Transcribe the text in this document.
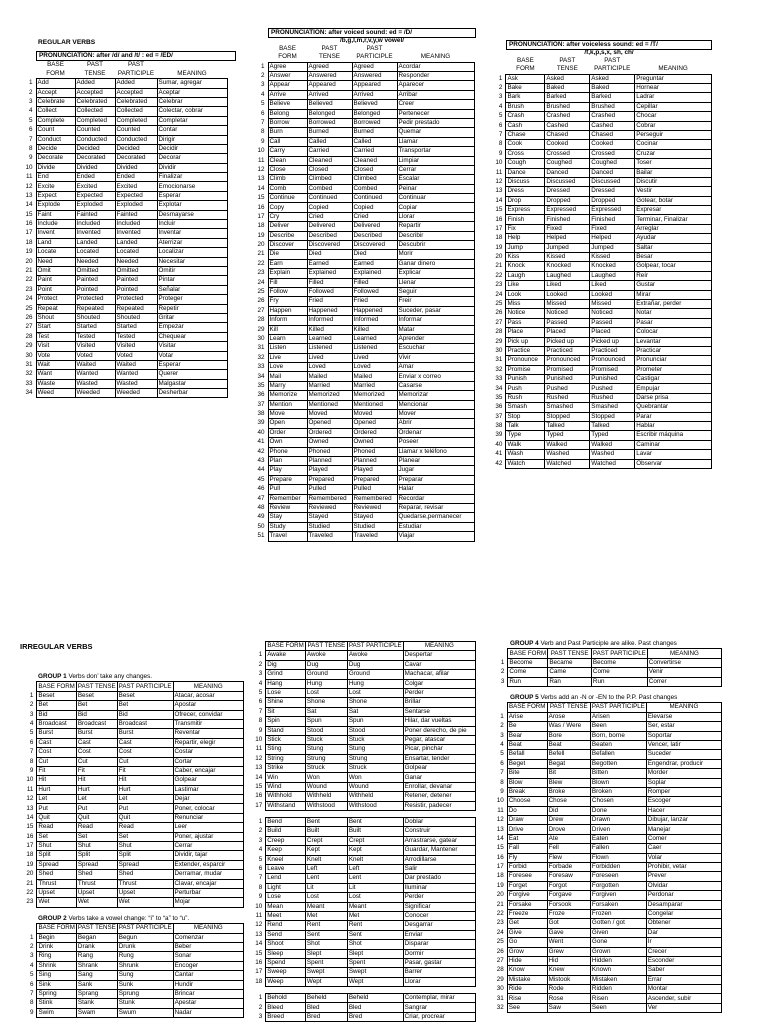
REGULAR VERBS
PRONUNCIATION: after /d/ and /t/ : ed = /ED/
	BASE	PAST	PAST	
	FORM	TENSE	PARTICIPLE	MEANING
1	Add	Added	Added	Sumar, agregar
2	Accept	Accepted	Accepted	Aceptar
3	Celebrate	Celebrated	Celebrated	Celebrar
4	Collect	Collected	Collected	Colectar, cobrar
5	Complete	Completed	Completed	Completar
6	Count	Counted	Counted	Contar
7	Conduct	Conducted	Conducted	Dirigir
8	Decide	Decided	Decided	Decidir
9	Decorate	Decorated	Decorated	Decorar
10	Divide	Divided	Divided	Dividir
11	End	Ended	Ended	Finalizar
12	Excite	Excited	Excited	Emocionarse
13	Expect	Expected	Expected	Esperar
14	Explode	Exploded	Exploded	Explotar
15	Faint	Fainted	Fainted	Desmayarse
16	Include	Included	Included	Incluir
17	Invent	Invented	Invented	Inventar
18	Land	Landed	Landed	Aterrizar
19	Locate	Located	Located	Localizar
20	Need	Needed	Needed	Necesitar
21	Omit	Omitted	Omitted	Omitir
22	Paint	Painted	Painted	Pintar
23	Point	Pointed	Pointed	Señalar
24	Protect	Protected	Protected	Proteger
25	Repeat	Repeated	Repeated	Repetir
26	Shout	Shouted	Shouted	Gritar
27	Start	Started	Started	Empezar
28	Test	Tested	Tested	Chequear
29	Visit	Visited	Visited	Visitar
30	Vote	Voted	Voted	Votar
31	Wait	Waited	Waited	Esperar
32	Want	Wanted	Wanted	Querer
33	Waste	Wasted	Wasted	Malgastar
34	Weed	Weeded	Weeded	Desherbar
PRONUNCIATION: after voiced sound: ed = /D/
/b,g,l,m,r,v,y,w vowel/
	BASE	PAST	PAST	
	FORM	TENSE	PARTICIPLE	MEANING
1	Agree	Agreed	Agreed	Acordar
2	Answer	Answered	Answered	Responder
3	Appear	Appeared	Appeared	Aparecer
4	Arrive	Arrived	Arrived	Arribar
5	Believe	Believed	Believed	Creer
6	Belong	Belonged	Belonged	Pertenecer
7	Borrow	Borrowed	Borrowed	Pedir prestado
8	Burn	Burned	Burned	Quemar
9	Call	Called	Called	Llamar
10	Carry	Carried	Carried	Transportar
11	Clean	Cleaned	Cleaned	Limpiar
12	Close	Closed	Closed	Cerrar
13	Climb	Climbed	Climbed	Escalar
14	Comb	Combed	Combed	Peinar
15	Continue	Continued	Continued	Continuar
16	Copy	Copied	Copied	Copiar
17	Cry	Cried	Cried	Llorar
18	Deliver	Delivered	Delivered	Repartir
19	Describe	Described	Described	Describir
20	Discover	Discovered	Discovered	Descubrir
21	Die	Died	Died	Morir
22	Earn	Earned	Earned	Ganar dinero
23	Explain	Explained	Explained	Explicar
24	Fill	Filled	Filled	Llenar
25	Follow	Followed	Followed	Seguir
26	Fry	Fried	Fried	Freir
27	Happen	Happened	Happened	Suceder, pasar
28	Inform	Informed	Informed	Informar
29	Kill	Killed	Killed	Matar
30	Learn	Learned	Learned	Aprender
31	Listen	Listened	Listened	Escuchar
32	Live	Lived	Lived	Vivir
33	Love	Loved	Loved	Amar
34	Mail	Mailed	Mailed	Enviar x correo
35	Marry	Married	Married	Casarse
36	Memorize	Memorized	Memorized	Memorizar
37	Mention	Mentioned	Mentioned	Mencionar
38	Move	Moved	Moved	Mover
39	Open	Opened	Opened	Abrir
40	Order	Ordered	Ordered	Ordenar
41	Own	Owned	Owned	Poseer
42	Phone	Phoned	Phoned	Llamar x teléfono
43	Plan	Planned	Planned	Planear
44	Play	Played	Played	Jugar
45	Prepare	Prepared	Prepared	Preparar
46	Pull	Pulled	Pulled	Halar
47	Remember	Remembered	Remembered	Recordar
48	Review	Reviewed	Reviewed	Reparar, revisar
49	Stay	Stayed	Stayed	Quedarse,permanecer
50	Study	Studied	Studied	Estudiar
51	Travel	Traveled	Traveled	Viajar
PRONUNCIATION: after voiceless sound: ed = /T/
/f,k,p,s,x, sh, ch/
	BASE	PAST	PAST	
	FORM	TENSE	PARTICIPLE	MEANING
1	Ask	Asked	Asked	Preguntar
2	Bake	Baked	Baked	Hornear
3	Bark	Barked	Barked	Ladrar
4	Brush	Brushed	Brushed	Cepillar
5	Crash	Crashed	Crashed	Chocar
6	Cash	Cashed	Cashed	Cobrar
7	Chase	Chased	Chased	Perseguir
8	Cook	Cooked	Cooked	Cocinar
9	Cross	Crossed	Crossed	Cruzar
10	Cough	Coughed	Coughed	Toser
11	Dance	Danced	Danced	Bailar
12	Discuss	Discussed	Discussed	Discutir
13	Dress	Dressed	Dressed	Vestir
14	Drop	Dropped	Dropped	Gotear, botar
15	Express	Expressed	Expressed	Expresar
16	Finish	Finished	Finished	Terminar, Finalizar
17	Fix	Fixed	Fixed	Arreglar
18	Help	Helped	Helped	Ayudar
19	Jump	Jumped	Jumped	Saltar
20	Kiss	Kissed	Kissed	Besar
21	Knock	Knocked	Knocked	Golpear, tocar
22	Laugh	Laughed	Laughed	Reír
23	Like	Liked	Liked	Gustar
24	Look	Looked	Looked	Mirar
25	Miss	Missed	Missed	Extrañar, perder
26	Notice	Noticed	Noticed	Notar
27	Pass	Passed	Passed	Pasar
28	Place	Placed	Placed	Colocar
29	Pick up	Picked up	Picked up	Levantar
30	Practice	Practiced	Practiced	Practicar
31	Pronounce	Pronounced	Pronounced	Pronunciar
32	Promise	Promised	Promised	Prometer
33	Punish	Punished	Punished	Castigar
34	Push	Pushed	Pushed	Empujar
35	Rush	Rushed	Rushed	Darse prisa
36	Smash	Smashed	Smashed	Quebrantar
37	Stop	Stopped	Stopped	Parar
38	Talk	Talked	Talked	Hablar
39	Type	Typed	Typed	Escribir máquina
40	Walk	Walked	Walked	Caminar
41	Wash	Washed	Washed	Lavar
42	Watch	Watched	Watched	Observar
IRREGULAR VERBS
GROUP 1 Verbs don’ take any changes.
	BASE FORM	PAST TENSE	PAST PARTICIPLE	MEANING
1	Beset	Beset	Beset	Atacar, acosar
2	Bet	Bet	Bet	Apostar
3	Bid	Bid	Bid	Ofrecer, convidar
4	Broadcast	Broadcast	Broadcast	Transmitir
5	Burst	Burst	Burst	Reventar
6	Cast	Cast	Cast	Repartir, elegir
7	Cost	Cost	Cost	Costar
8	Cut	Cut	Cut	Cortar
9	Fit	Fit	Fit	Caber, encajar
10	Hit	Hit	Hit	Golpear
11	Hurt	Hurt	Hurt	Lastimar
12	Let	Let	Let	Dejar
13	Put	Put	Put	Poner, colocar
14	Quit	Quit	Quit	Renunciar
15	Read	Read	Read	Leer
16	Set	Set	Set	Poner, ajustar
17	Shut	Shut	Shut	Cerrar
18	Split	Split	Split	Dividir, tajar
19	Spread	Spread	Spread	Extender, esparcir
20	Shed	Shed	Shed	Derramar, mudar
21	Thrust	Thrust	Thrust	Clavar, encajar
22	Upset	Upset	Upset	Perturbar
23	Wet	Wet	Wet	Mojar
GROUP 2 Verbs take a vowel change: “i” to “a” to “u”.
	BASE FORM	PAST TENSE	PAST PARTICIPLE	MEANING
1	Begin	Began	Begun	Comenzar
2	Drink	Drank	Drunk	Beber
3	Ring	Rang	Rung	Sonar
4	Shrink	Shrank	Shrunk	Encoger
5	Sing	Sang	Sung	Cantar
6	Sink	Sank	Sunk	Hundir
7	Spring	Sprang	Sprung	Brincar
8	Stink	Stank	Stunk	Apestar
9	Swim	Swam	Swum	Nadar
	BASE FORM	PAST TENSE	PAST PARTICIPLE	MEANING
1	Awake	Awoke	Awoke	Despertar
2	Dig	Dug	Dug	Cavar
3	Grind	Ground	Ground	Machacar, afilar
4	Hang	Hung	Hung	Colgar
5	Lose	Lost	Lost	Perder
6	Shine	Shone	Shone	Brillar
7	Sit	Sat	Sat	Sentarse
8	Spin	Spun	Spun	Hilar, dar vueltas
9	Stand	Stood	Stood	Poner derecho, de pie
10	Stick	Stuck	Stuck	Pegar, atascar
11	Sting	Stung	Stung	Picar, pinchar
12	String	Strung	Strung	Ensartar, tender
13	Strike	Struck	Struck	Golpear
14	Win	Won	Won	Ganar
15	Wind	Wound	Wound	Enrollar, devanar
16	Withhold	Withheld	Withheld	Retener, detener
17	Withstand	Withstood	Withstood	Resistir, padecer

1	Bend	Bent	Bent	Doblar
2	Build	Built	Built	Construir
3	Creep	Crept	Crept	Arrastrarse, gatear
4	Keep	Kept	Kept	Guardar, Mantener
5	Kneel	Knelt	Knelt	Arrodillarse
6	Leave	Left	Left	Salir
7	Lend	Lent	Lent	Dar prestado
8	Light	Lit	Lit	Iluminar
9	Lose	Lost	Lost	Perder
10	Mean	Meant	Meant	Significar
11	Meet	Met	Met	Conocer
12	Rend	Rent	Rent	Desgarrar
13	Send	Sent	Sent	Enviar
14	Shoot	Shot	Shot	Disparar
15	Sleep	Slept	Slept	Dormir
16	Spend	Spent	Spent	Pasar, gastar
17	Sweep	Swept	Swept	Barrer
18	Weep	Wept	Wept	Llorar

1	Behold	Beheld	Beheld	Contemplar, mirar
2	Bleed	Bled	Bled	Sangrar
3	Breed	Bred	Bred	Criar, procrear
GROUP 4 Verb and Past Participle are alike. Past changes
	BASE FORM	PAST TENSE	PAST PARTICIPLE	MEANING
1	Become	Became	Become	Convertirse
2	Come	Came	Come	Venir
3	Run	Ran	Run	Correr
GROUP 5 Verbs add an -N or -EN to the P.P. Past changes
	BASE FORM	PAST TENSE	PAST PARTICIPLE	MEANING
1	Arise	Arose	Arisen	Elevarse
2	Be	Was / Were	Been	Ser, estar
3	Bear	Bore	Born, borne	Soportar
4	Beat	Beat	Beaten	Vencer, latir
5	Befall	Befell	Befallen	Suceder
6	Beget	Begat	Begotten	Engendrar, producir
7	Bite	Bit	Bitten	Morder
8	Blow	Blew	Blown	Soplar
9	Break	Broke	Broken	Romper
10	Choose	Chose	Chosen	Escoger
11	Do	Did	Done	Hacer
12	Draw	Drew	Drawn	Dibujar, lanzar
13	Drive	Drove	Driven	Manejar
14	Eat	Ate	Eaten	Comer
15	Fall	Fell	Fallen	Caer
16	Fly	Flew	Flown	Volar
17	Forbid	Forbade	Forbidden	Prohibir, vetar
18	Foresee	Foresaw	Foreseen	Prever
19	Forget	Forgot	Forgotten	Olvidar
20	Forgive	Forgave	Forgiven	Perdonar
21	Forsake	Forsook	Forsaken	Desamparar
22	Freeze	Froze	Frozen	Congelar
23	Get	Got	Gotten / got	Obtener
24	Give	Gave	Given	Dar
25	Go	Went	Gone	Ir
26	Grow	Grew	Grown	Crecer
27	Hide	Hid	Hidden	Esconder
28	Know	Knew	Known	Saber
29	Mistake	Mistook	Mistaken	Errar
30	Ride	Rode	Ridden	Montar
31	Rise	Rose	Risen	Ascender, subir
32	See	Saw	Seen	Ver
